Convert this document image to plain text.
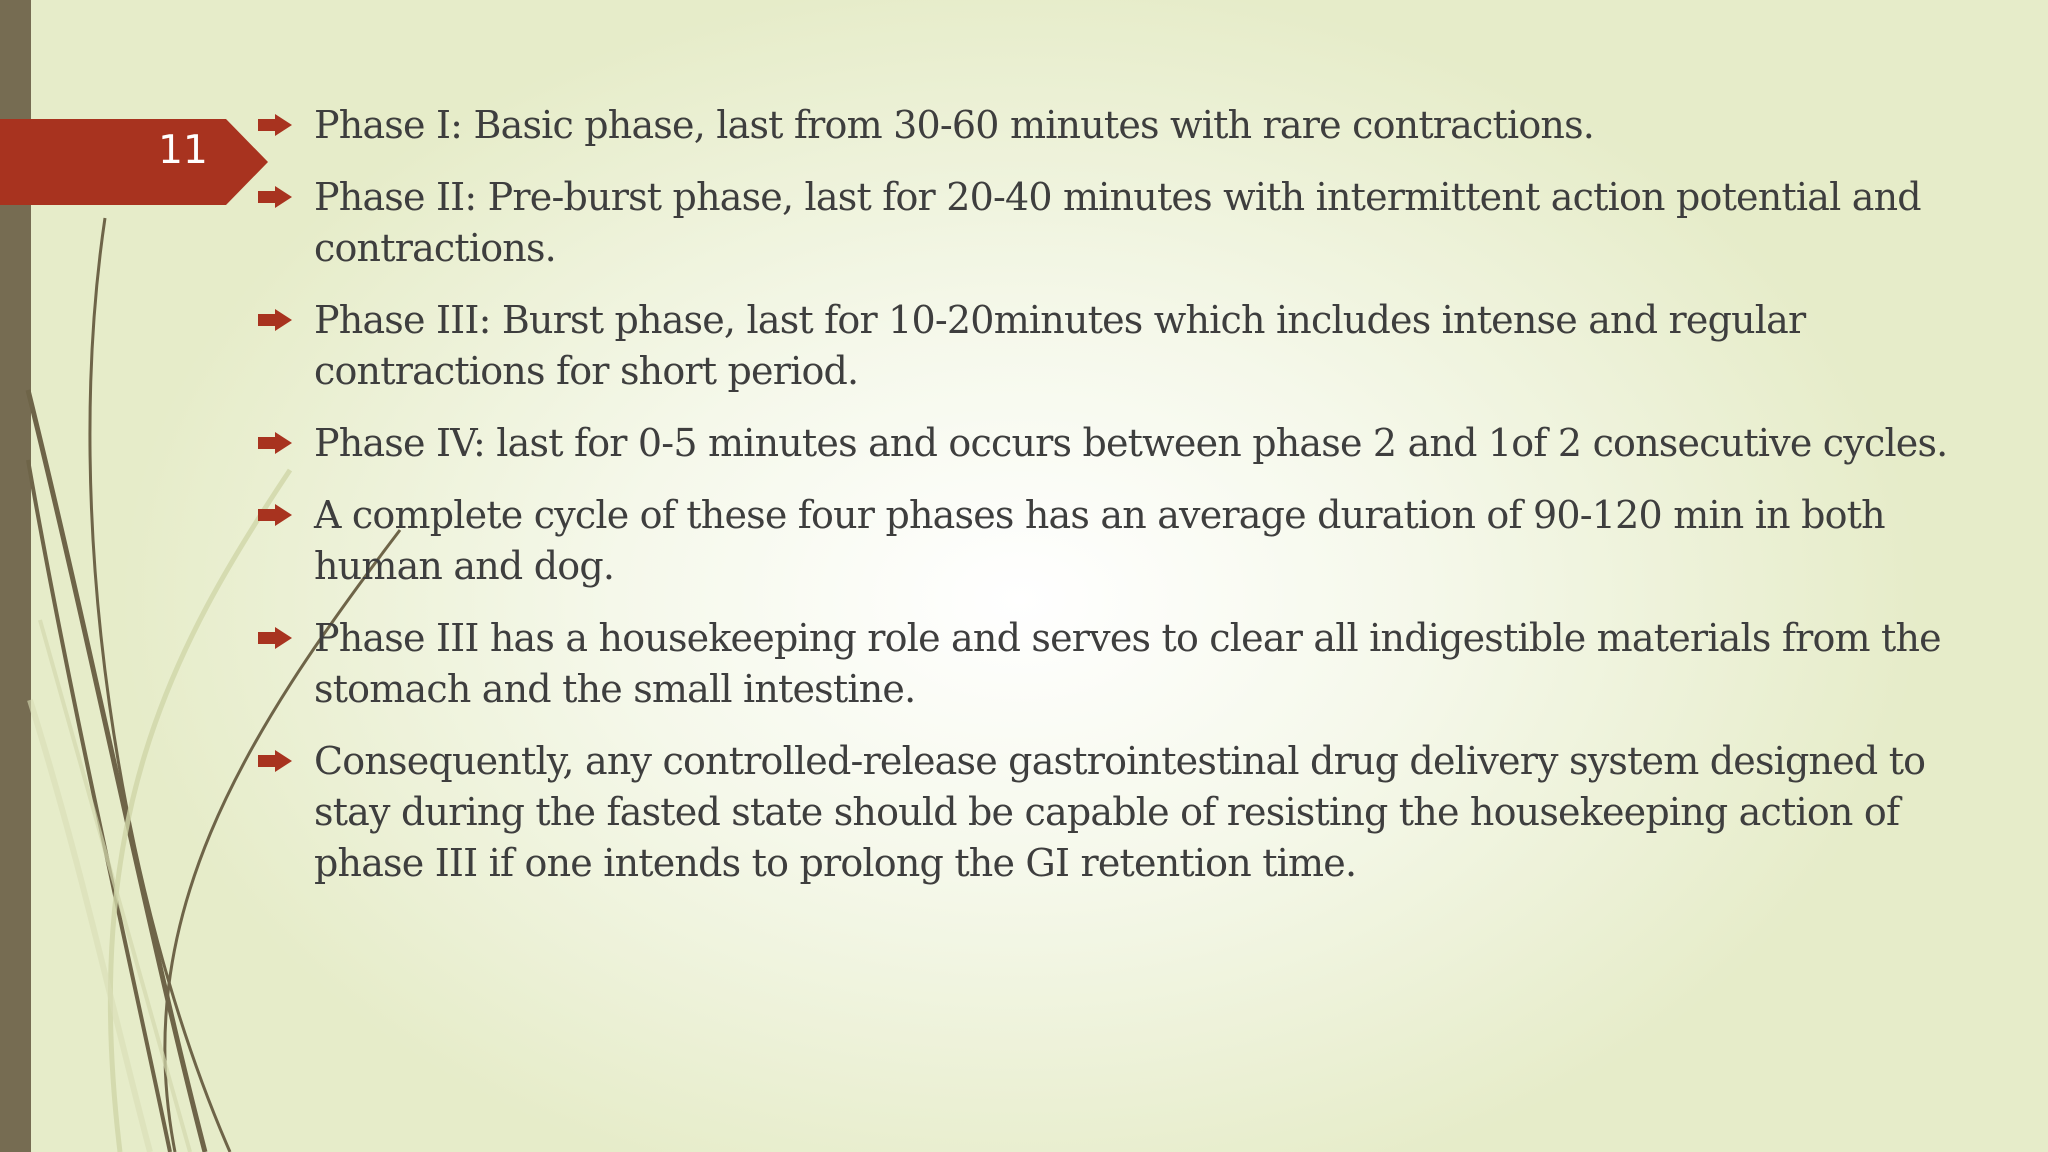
11
Phase I: Basic phase, last from 30-60 minutes with rare contractions.
Phase II: Pre-burst phase, last for 20-40 minutes with intermittent action potential and contractions.
Phase III: Burst phase, last for 10-20minutes which includes intense and regular contractions for short period.
Phase IV: last for 0-5 minutes and occurs between phase 2 and 1of 2 consecutive cycles.
A complete cycle of these four phases has an average duration of 90-120 min in both human and dog.
Phase III has a housekeeping role and serves to clear all indigestible materials from the stomach and the small intestine.
Consequently, any controlled-release gastrointestinal drug delivery system designed to stay during the fasted state should be capable of resisting the housekeeping action of phase III if one intends to prolong the GI retention time.
